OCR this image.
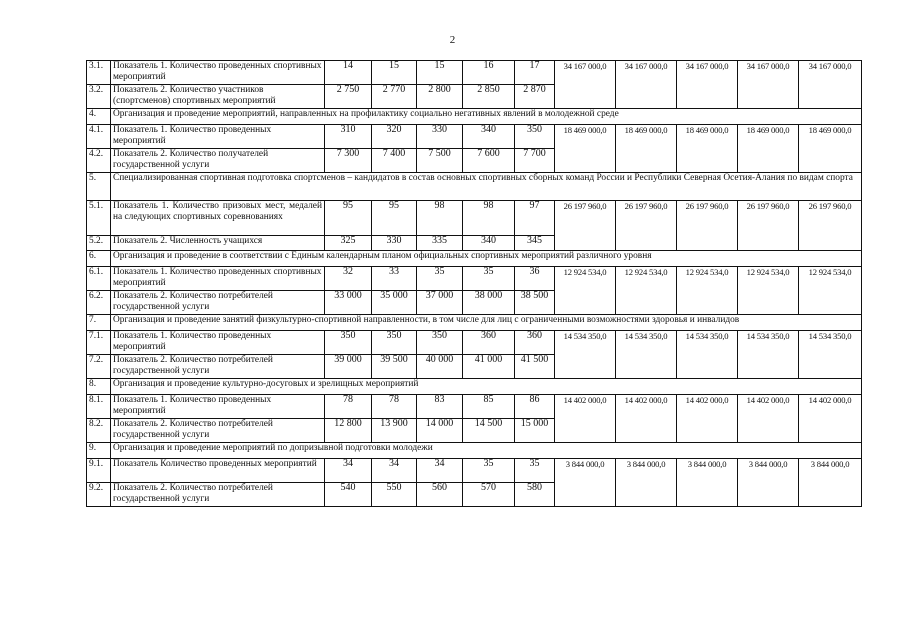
2
3.1.	Показатель 1. Количество проведенных спортивных мероприятий	14	15	15	16	17	34 167 000,0	34 167 000,0	34 167 000,0	34 167 000,0	34 167 000,0
3.2.	Показатель 2. Количество участников (спортсменов) спортивных мероприятий	2 750	2 770	2 800	2 850	2 870					
4.	Организация и проведение мероприятий, направленных на профилактику социально негативных явлений в молодежной среде										
4.1.	Показатель 1. Количество проведенных мероприятий	310	320	330	340	350	18 469 000,0	18 469 000,0	18 469 000,0	18 469 000,0	18 469 000,0
4.2.	Показатель 2. Количество получателей государственной услуги	7 300	7 400	7 500	7 600	7 700					
5.	Специализированная спортивная подготовка спортсменов – кандидатов в состав основных спортивных сборных команд России и Республики Северная Осетия-Алания по видам спорта										
5.1.	Показатель 1. Количество призовых мест, медалей на следующих спортивных соревнованиях	95	95	98	98	97	26 197 960,0	26 197 960,0	26 197 960,0	26 197 960,0	26 197 960,0
5.2.	Показатель 2. Численность учащихся	325	330	335	340	345					
6.	Организация и проведение в соответствии с Единым календарным планом официальных спортивных мероприятий различного уровня										
6.1.	Показатель 1. Количество проведенных спортивных мероприятий	32	33	35	35	36	12 924 534,0	12 924 534,0	12 924 534,0	12 924 534,0	12 924 534,0
6.2.	Показатель 2. Количество потребителей государственной услуги	33 000	35 000	37 000	38 000	38 500					
7.	Организация и проведение занятий физкультурно-спортивной направленности, в том числе для лиц с ограниченными возможностями здоровья и инвалидов										
7.1.	Показатель 1. Количество проведенных мероприятий	350	350	350	360	360	14 534 350,0	14 534 350,0	14 534 350,0	14 534 350,0	14 534 350,0
7.2.	Показатель 2. Количество потребителей государственной услуги	39 000	39 500	40 000	41 000	41 500					
8.	Организация и проведение культурно-досуговых и зрелищных мероприятий										
8.1.	Показатель 1. Количество проведенных мероприятий	78	78	83	85	86	14 402 000,0	14 402 000,0	14 402 000,0	14 402 000,0	14 402 000,0
8.2.	Показатель 2. Количество потребителей государственной услуги	12 800	13 900	14 000	14 500	15 000					
9.	Организация и проведение мероприятий по допризывной подготовки молодежи										
9.1.	Показатель Количество проведенных мероприятий	34	34	34	35	35	3 844 000,0	3 844 000,0	3 844 000,0	3 844 000,0	3 844 000,0
9.2.	Показатель 2. Количество потребителей государственной услуги	540	550	560	570	580					
